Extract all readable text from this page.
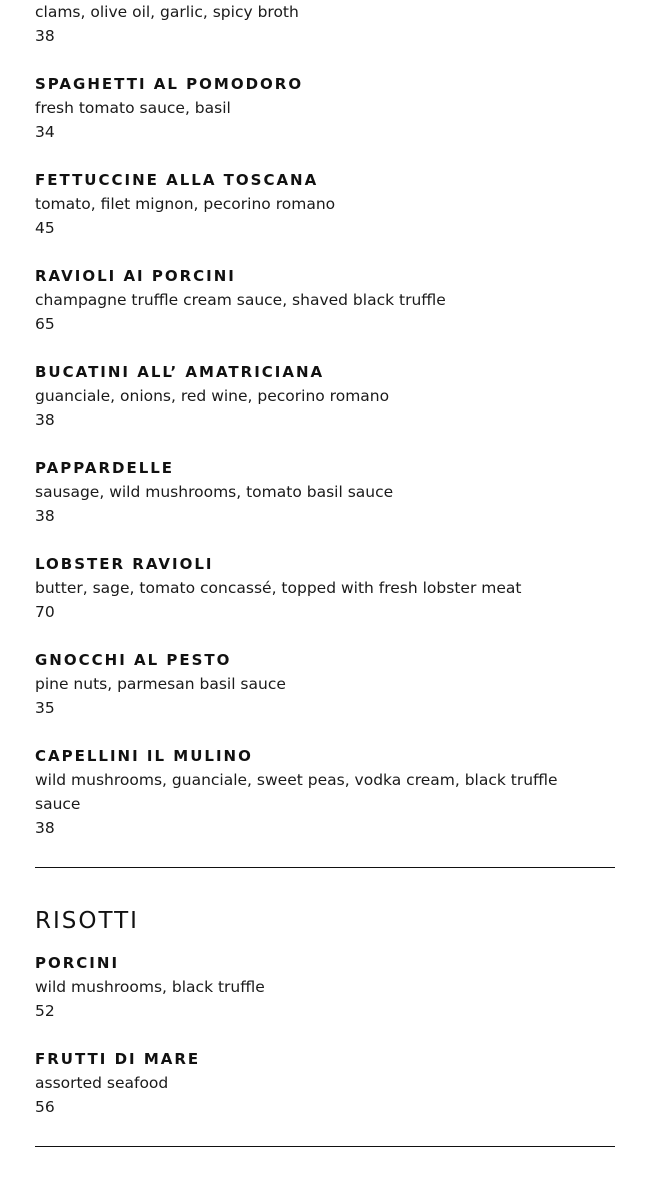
clams, olive oil, garlic, spicy broth
38
SPAGHETTI AL POMODORO
fresh tomato sauce, basil
34
FETTUCCINE ALLA TOSCANA
tomato, filet mignon, pecorino romano
45
RAVIOLI AI PORCINI
champagne truffle cream sauce, shaved black truffle
65
BUCATINI ALL’ AMATRICIANA
guanciale, onions, red wine, pecorino romano
38
PAPPARDELLE
sausage, wild mushrooms, tomato basil sauce
38
LOBSTER RAVIOLI
butter, sage, tomato concassé, topped with fresh lobster meat
70
GNOCCHI AL PESTO
pine nuts, parmesan basil sauce
35
CAPELLINI IL MULINO
wild mushrooms, guanciale, sweet peas, vodka cream, black truffle sauce
38
RISOTTI
PORCINI
wild mushrooms, black truffle
52
FRUTTI DI MARE
assorted seafood
56
